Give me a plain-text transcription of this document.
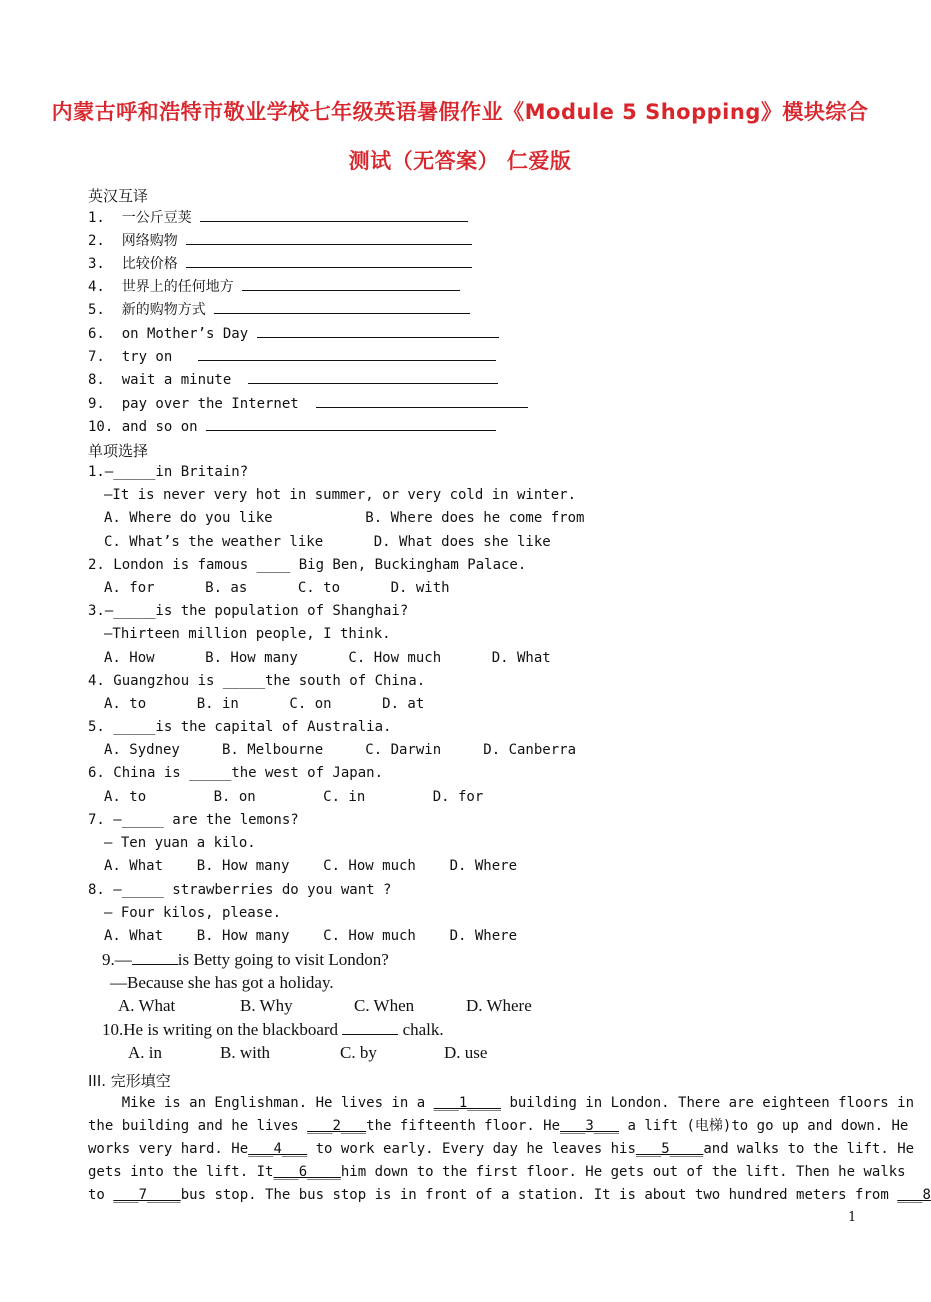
内蒙古呼和浩特市敬业学校七年级英语暑假作业《Module 5 Shopping》模块综合
测试（无答案） 仁爱版
英汉互译
1. 一公斤豆荚
2. 网络购物
3. 比较价格
4. 世界上的任何地方
5. 新的购物方式
6. on Mother’s Day
7. try on
8. wait a minute
9. pay over the Internet
10. and so on
单项选择
1.—_____in Britain?
—It is never very hot in summer, or very cold in winter.
A. Where do you like           B. Where does he come from
C. What’s the weather like      D. What does she like
2. London is famous ____ Big Ben, Buckingham Palace.
A. for      B. as      C. to      D. with
3.—_____is the population of Shanghai?
—Thirteen million people, I think.
A. How      B. How many      C. How much      D. What
4. Guangzhou is _____the south of China.
A. to      B. in      C. on      D. at
5. _____is the capital of Australia.
A. Sydney     B. Melbourne     C. Darwin     D. Canberra
6. China is _____the west of Japan.
A. to        B. on        C. in        D. for
7. —_____ are the lemons?
— Ten yuan a kilo.
A. What    B. How many    C. How much    D. Where
8. —_____ strawberries do you want ?
— Four kilos, please.
A. What    B. How many    C. How much    D. Where
9.—	is Betty going to visit London?
—Because she has got a holiday.
A. What	B. Why	C. When	D. Where
10.He is writing on the blackboard	chalk.
A. in	B. with	C. by	D. use
III. 完形填空
Mike is an Englishman. He lives in a ___1____ building in London. There are eighteen floors in
the building and he lives ___2___the fifteenth floor. He___3___ a lift (电梯)to go up and down. He
works very hard. He___4___ to work early. Every day he leaves his___5____and walks to the lift. He
gets into the lift. It___6____him down to the first floor. He gets out of the lift. Then he walks
to ___7____bus stop. The bus stop is in front of a station. It is about two hundred meters from ___8
1
